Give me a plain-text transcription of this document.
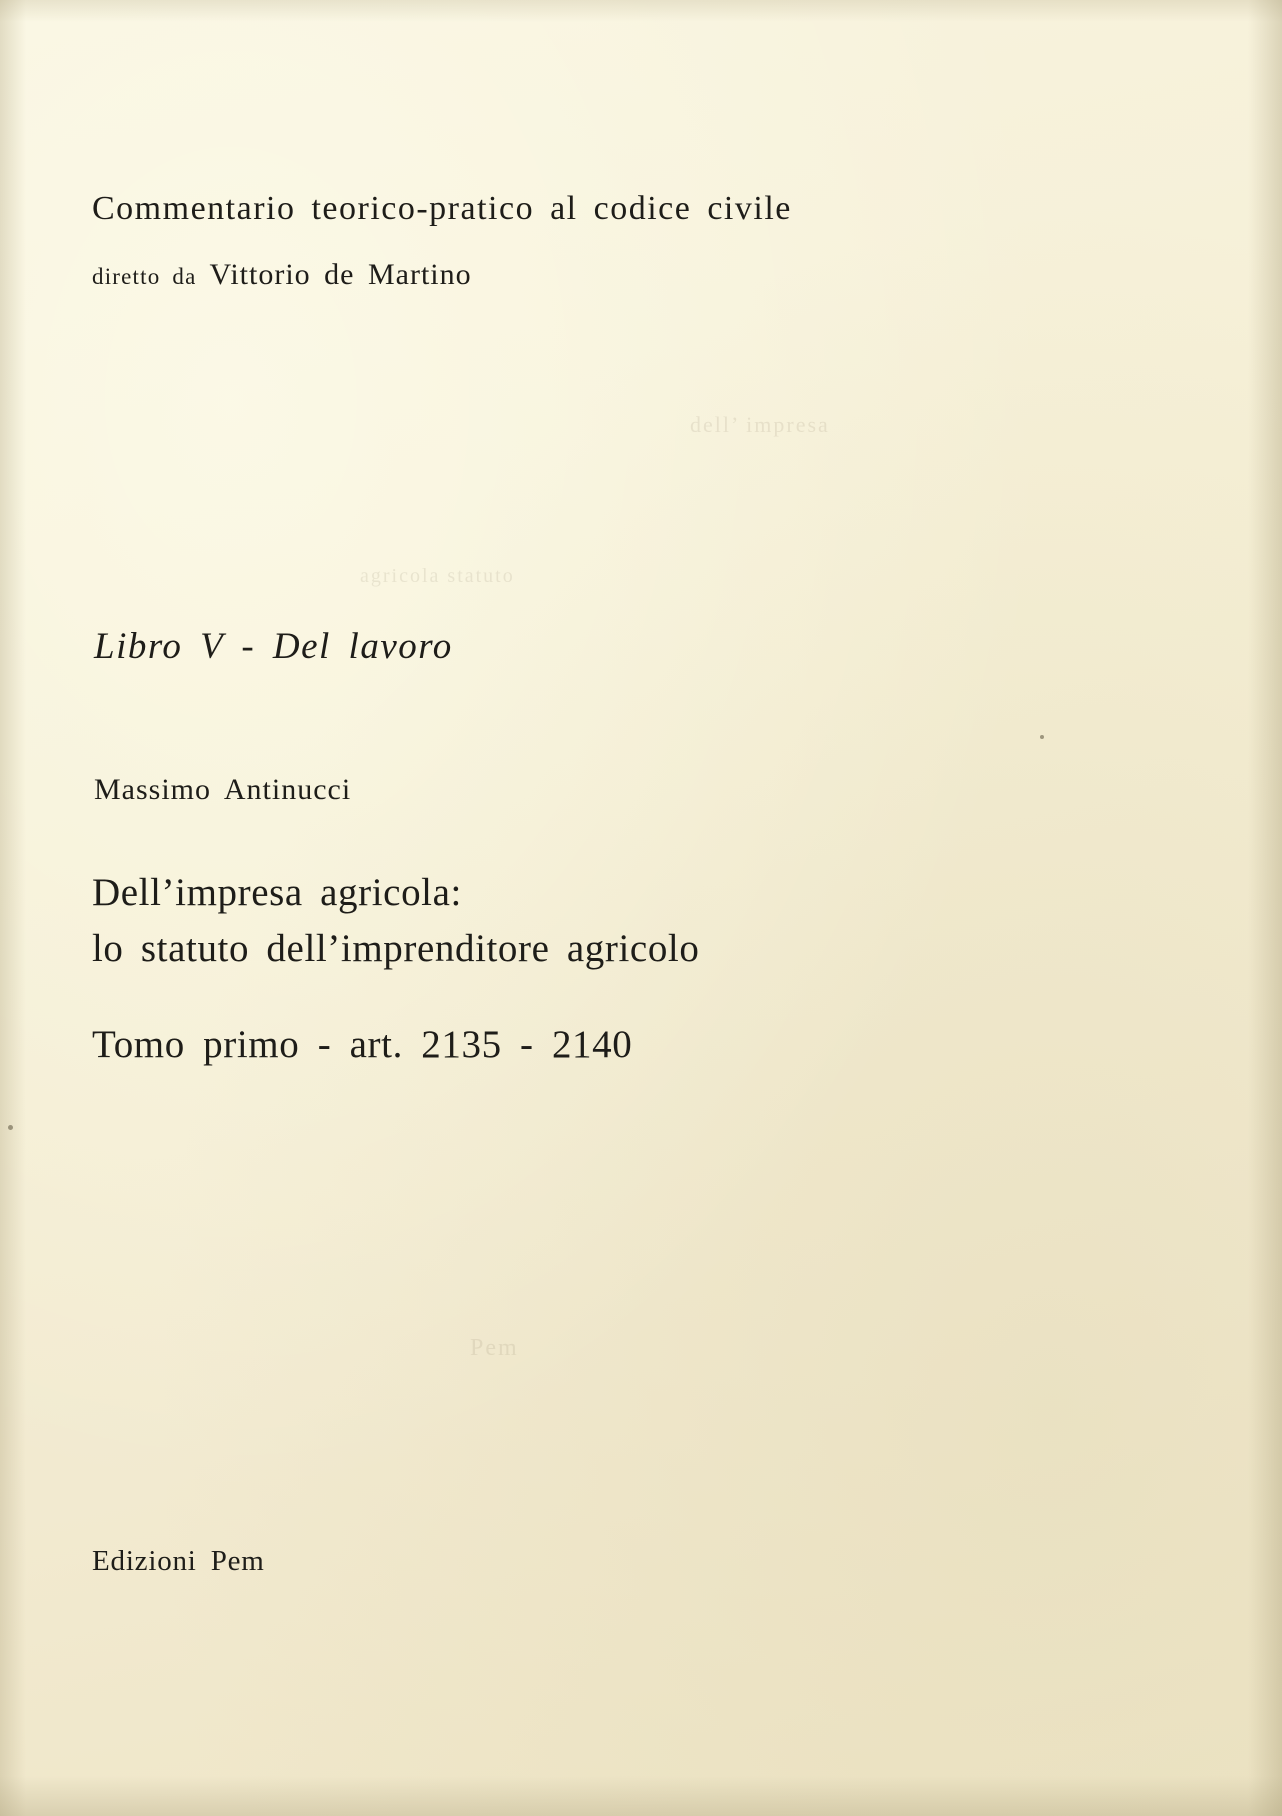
dell’ impresa
agricola statuto
Pem
Commentario teorico-pratico al codice civile
diretto da Vittorio de Martino
Libro V - Del lavoro
Massimo Antinucci
Dell’impresa agricola:
lo statuto dell’imprenditore agricolo
Tomo primo - art. 2135 - 2140
Edizioni Pem
